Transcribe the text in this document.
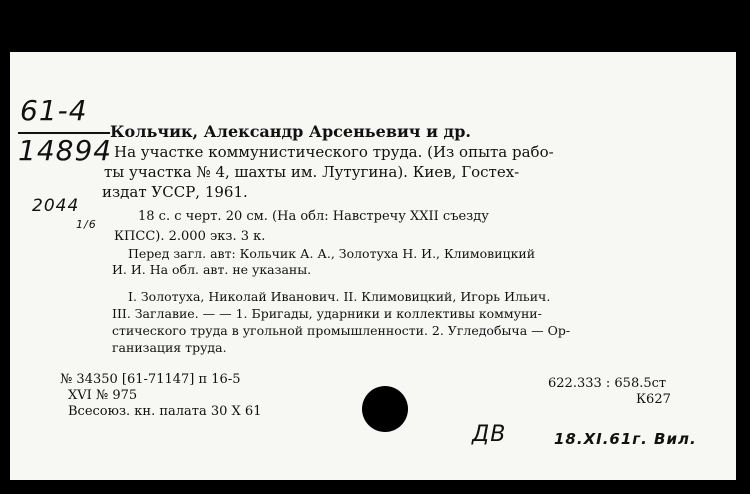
61-4
14894
2044
1/6
Кольчик, Александр Арсеньевич и др.
На участке коммунистического труда. (Из опыта рабо-
ты участка № 4, шахты им. Лутугина). Киев, Гостех-
издат УССР, 1961.
18 с. с черт. 20 см. (На обл: Навстречу XXII съезду
КПСС). 2.000 экз. 3 к.
Перед загл. авт: Кольчик А. А., Золотуха Н. И., Климовицкий
И. И. На обл. авт. не указаны.
I. Золотуха, Николай Иванович. II. Климовицкий, Игорь Ильич.
III. Заглавие. — — 1. Бригады, ударники и коллективы коммуни-
стического труда в угольной промышленности. 2. Угледобыча — Ор-
ганизация труда.
№ 34350 [61-71147] п 16-5
XVI № 975
Всесоюз. кн. палата 30 X 61
622.333 : 658.5ст
К627
ДВ	18.XI.61г. Вил.
